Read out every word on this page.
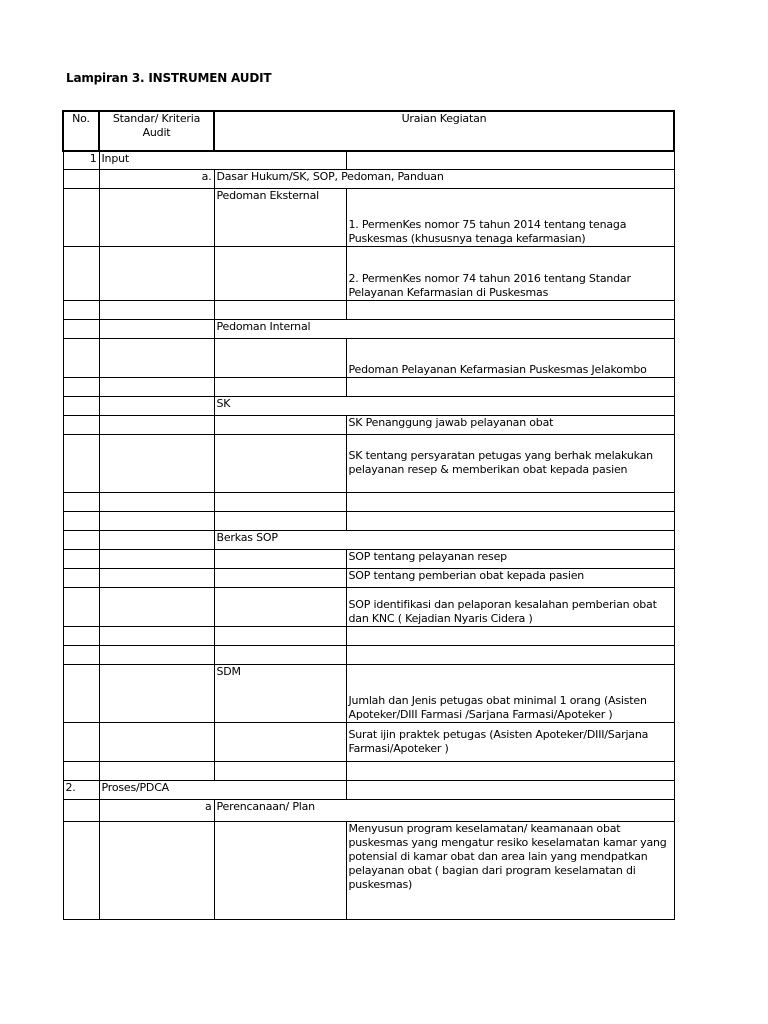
Lampiran 3. INSTRUMEN AUDIT
No.	Standar/ Kriteria Audit	Uraian Kegiatan	
1	Input		
	a.	Dasar Hukum/SK, SOP, Pedoman, Panduan	
		Pedoman Eksternal	1. PermenKes nomor 75 tahun 2014 tentang tenaga Puskesmas (khususnya tenaga kefarmasian)
			2. PermenKes nomor 74 tahun 2016 tentang Standar Pelayanan Kefarmasian di Puskesmas

		Pedoman Internal	
			Pedoman Pelayanan Kefarmasian Puskesmas Jelakombo

		SK	
			SK Penanggung jawab pelayanan obat
			SK tentang persyaratan petugas yang berhak melakukan pelayanan resep & memberikan obat kepada pasien

		Berkas SOP	
			SOP tentang pelayanan resep
			SOP tentang pemberian obat kepada pasien
			SOP identifikasi dan pelaporan kesalahan pemberian obat dan KNC ( Kejadian Nyaris Cidera )

		SDM	Jumlah dan Jenis petugas obat minimal 1 orang (Asisten Apoteker/DIII Farmasi /Sarjana Farmasi/Apoteker )
			Surat ijin praktek petugas (Asisten Apoteker/DIII/Sarjana Farmasi/Apoteker )

2.	Proses/PDCA		
	a	Perencanaan/ Plan	
			Menyusun program keselamatan/ keamanaan obat puskesmas yang mengatur resiko keselamatan kamar yang potensial di kamar obat dan area lain yang mendpatkan pelayanan obat ( bagian dari program keselamatan di puskesmas)
